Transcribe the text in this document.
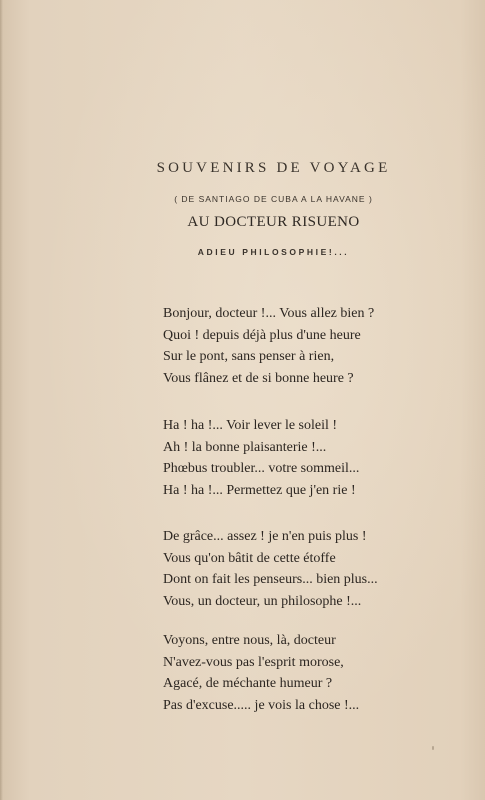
SOUVENIRS DE VOYAGE
( DE SANTIAGO DE CUBA A LA HAVANE )
AU DOCTEUR RISUENO
ADIEU PHILOSOPHIE!...
Bonjour, docteur !... Vous allez bien ?
Quoi ! depuis déjà plus d'une heure
Sur le pont, sans penser à rien,
Vous flânez et de si bonne heure ?
Ha ! ha !... Voir lever le soleil !
Ah ! la bonne plaisanterie !...
Phœbus troubler... votre sommeil...
Ha ! ha !... Permettez que j'en rie !
De grâce... assez ! je n'en puis plus !
Vous qu'on bâtit de cette étoffe
Dont on fait les penseurs... bien plus...
Vous, un docteur, un philosophe !...
Voyons, entre nous, là, docteur
N'avez-vous pas l'esprit morose,
Agacé, de méchante humeur ?
Pas d'excuse..... je vois la chose !...
